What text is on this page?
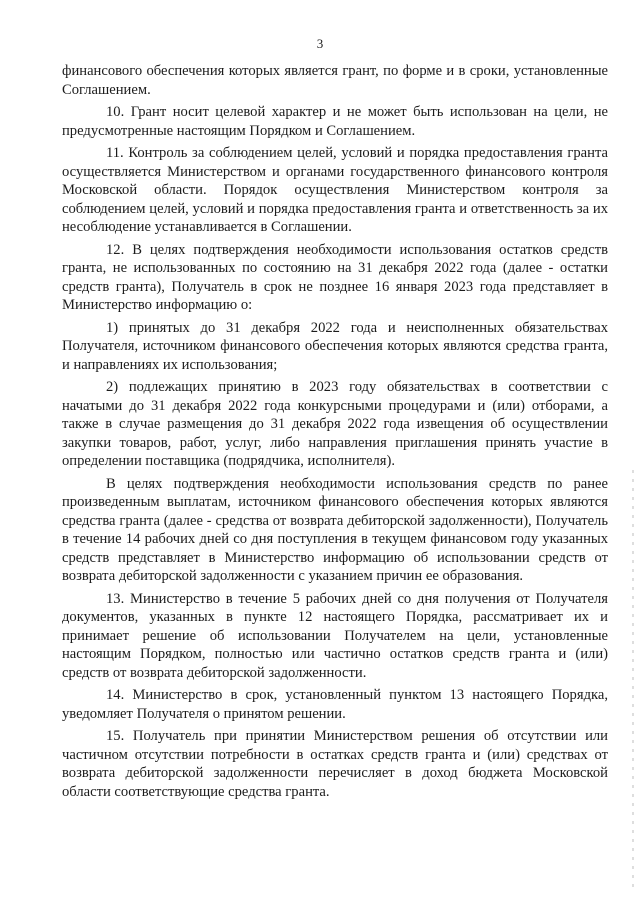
3

финансового обеспечения которых является грант, по форме и в сроки, установленные Соглашением.

10. Грант носит целевой характер и не может быть использован на цели, не предусмотренные настоящим Порядком и Соглашением.

11. Контроль за соблюдением целей, условий и порядка предоставления гранта осуществляется Министерством и органами государственного финансового контроля Московской области. Порядок осуществления Министерством контроля за соблюдением целей, условий и порядка предоставления гранта и ответственность за их несоблюдение устанавливается в Соглашении.

12. В целях подтверждения необходимости использования остатков средств гранта, не использованных по состоянию на 31 декабря 2022 года (далее - остатки средств гранта), Получатель в срок не позднее 16 января 2023 года представляет в Министерство информацию о:

1) принятых до 31 декабря 2022 года и неисполненных обязательствах Получателя, источником финансового обеспечения которых являются средства гранта, и направлениях их использования;

2) подлежащих принятию в 2023 году обязательствах в соответствии с начатыми до 31 декабря 2022 года конкурсными процедурами и (или) отборами, а также в случае размещения до 31 декабря 2022 года извещения об осуществлении закупки товаров, работ, услуг, либо направления приглашения принять участие в определении поставщика (подрядчика, исполнителя).

В целях подтверждения необходимости использования средств по ранее произведенным выплатам, источником финансового обеспечения которых являются средства гранта (далее - средства от возврата дебиторской задолженности), Получатель в течение 14 рабочих дней со дня поступления в текущем финансовом году указанных средств представляет в Министерство информацию об использовании средств от возврата дебиторской задолженности с указанием причин ее образования.

13. Министерство в течение 5 рабочих дней со дня получения от Получателя документов, указанных в пункте 12 настоящего Порядка, рассматривает их и принимает решение об использовании Получателем на цели, установленные настоящим Порядком, полностью или частично остатков средств гранта и (или) средств от возврата дебиторской задолженности.

14. Министерство в срок, установленный пунктом 13 настоящего Порядка, уведомляет Получателя о принятом решении.

15. Получатель при принятии Министерством решения об отсутствии или частичном отсутствии потребности в остатках средств гранта и (или) средствах от возврата дебиторской задолженности перечисляет в доход бюджета Московской области соответствующие средства гранта.
